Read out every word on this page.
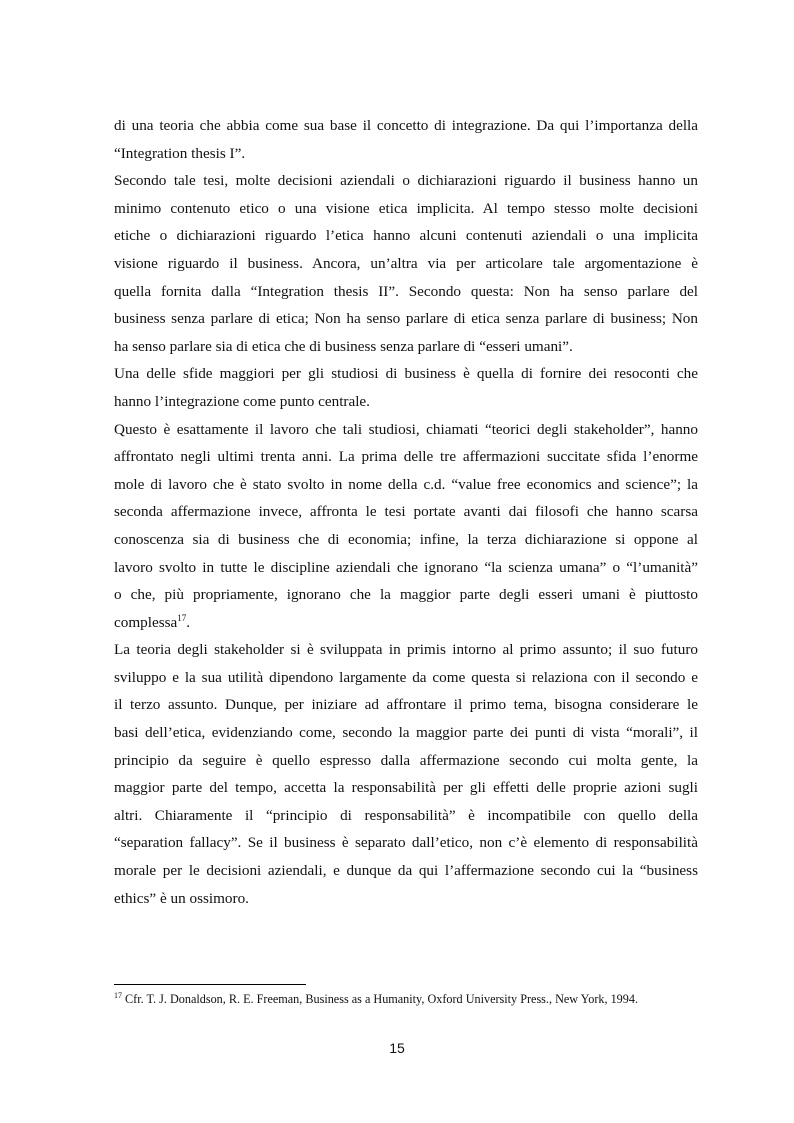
di una teoria che abbia come sua base il concetto di integrazione. Da qui l’importanza della
“Integration thesis I”.
Secondo tale tesi, molte decisioni aziendali o dichiarazioni riguardo il business hanno un
minimo contenuto etico o una visione etica implicita. Al tempo stesso molte decisioni
etiche o dichiarazioni riguardo l’etica hanno alcuni contenuti aziendali o una implicita
visione riguardo il business. Ancora, un’altra via per articolare tale argomentazione è
quella fornita dalla “Integration thesis II”. Secondo questa: Non ha senso parlare del
business senza parlare di etica; Non ha senso parlare di etica senza parlare di business; Non
ha senso parlare sia di etica che di business senza parlare di “esseri umani”.
Una delle sfide maggiori per gli studiosi di business è quella di fornire dei resoconti che
hanno l’integrazione come punto centrale.
Questo è esattamente il lavoro che tali studiosi, chiamati “teorici degli stakeholder”, hanno
affrontato negli ultimi trenta anni. La prima delle tre affermazioni succitate sfida l’enorme
mole di lavoro che è stato svolto in nome della c.d. “value free economics and science”; la
seconda affermazione invece, affronta le tesi portate avanti dai filosofi che hanno scarsa
conoscenza sia di business che di economia; infine, la terza dichiarazione si oppone al
lavoro svolto in tutte le discipline aziendali che ignorano “la scienza umana” o “l’umanità”
o che, più propriamente, ignorano che la maggior parte degli esseri umani è piuttosto
complessa$^{17}$.
La teoria degli stakeholder si è sviluppata in primis intorno al primo assunto; il suo futuro
sviluppo e la sua utilità dipendono largamente da come questa si relaziona con il secondo e
il terzo assunto. Dunque, per iniziare ad affrontare il primo tema, bisogna considerare le
basi dell’etica, evidenziando come, secondo la maggior parte dei punti di vista “morali”, il
principio da seguire è quello espresso dalla affermazione secondo cui molta gente, la
maggior parte del tempo, accetta la responsabilità per gli effetti delle proprie azioni sugli
altri. Chiaramente il “principio di responsabilità” è incompatibile con quello della
“separation fallacy”. Se il business è separato dall’etico, non c’è elemento di responsabilità
morale per le decisioni aziendali, e dunque da qui l’affermazione secondo cui la “business
ethics” è un ossimoro.
$^{17}$ Cfr. T. J. Donaldson, R. E. Freeman, Business as a Humanity, Oxford University Press., New York, 1994.
15
